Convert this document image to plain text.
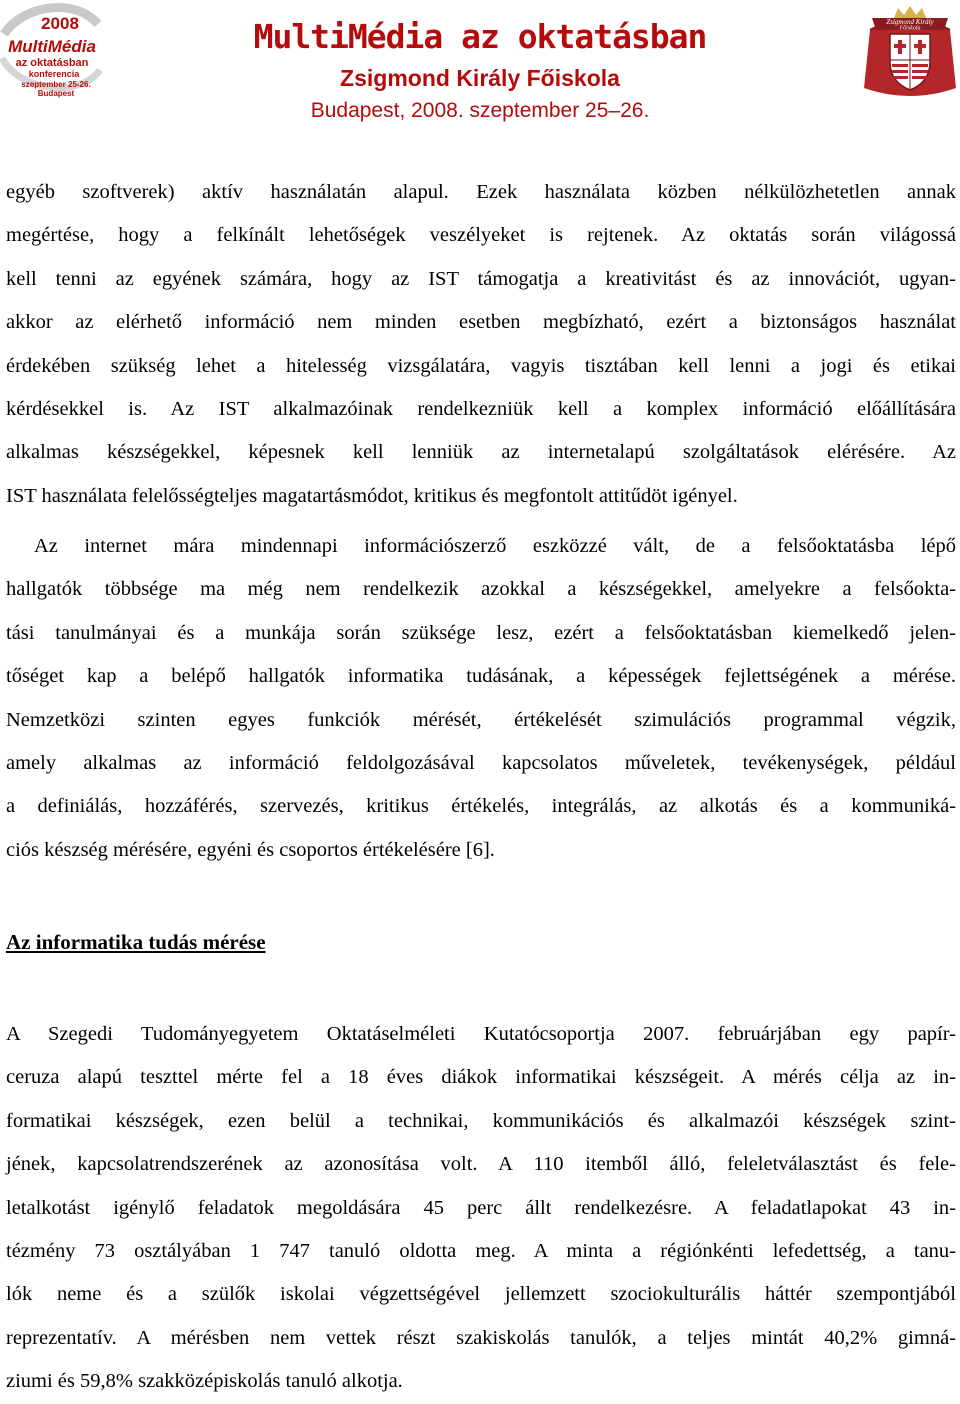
2008
MultiMédia
az oktatásban
konferencia
szeptember 25-26.
Budapest
MultiMédia az oktatásban
Zsigmond Király Főiskola
Budapest, 2008. szeptember 25–26.
Zsigmond Király
Főiskola
egyéb szoftverek) aktív használatán alapul. Ezek használata közben nélkülözhetetlen annak
megértése, hogy a felkínált lehetőségek veszélyeket is rejtenek. Az oktatás során világossá
kell tenni az egyének számára, hogy az IST támogatja a kreativitást és az innovációt, ugyan-
akkor az elérhető információ nem minden esetben megbízható, ezért a biztonságos használat
érdekében szükség lehet a hitelesség vizsgálatára, vagyis tisztában kell lenni a jogi és etikai
kérdésekkel is. Az IST alkalmazóinak rendelkezniük kell a komplex információ előállítására
alkalmas készségekkel, képesnek kell lenniük az internetalapú szolgáltatások elérésére. Az
IST használata felelősségteljes magatartásmódot, kritikus és megfontolt attitűdöt igényel.
Az internet mára mindennapi információszerző eszközzé vált, de a felsőoktatásba lépő
hallgatók többsége ma még nem rendelkezik azokkal a készségekkel, amelyekre a felsőokta-
tási tanulmányai és a munkája során szüksége lesz, ezért a felsőoktatásban kiemelkedő jelen-
tőséget kap a belépő hallgatók informatika tudásának, a képességek fejlettségének a mérése.
Nemzetközi szinten egyes funkciók mérését, értékelését szimulációs programmal végzik,
amely alkalmas az információ feldolgozásával kapcsolatos műveletek, tevékenységek, például
a definiálás, hozzáférés, szervezés, kritikus értékelés, integrálás, az alkotás és a kommuniká-
ciós készség mérésére, egyéni és csoportos értékelésére [6].
Az informatika tudás mérése
A Szegedi Tudományegyetem Oktatáselméleti Kutatócsoportja 2007. februárjában egy papír-
ceruza alapú teszttel mérte fel a 18 éves diákok informatikai készségeit. A mérés célja az in-
formatikai készségek, ezen belül a technikai, kommunikációs és alkalmazói készségek szint-
jének, kapcsolatrendszerének az azonosítása volt. A 110 itemből álló, feleletválasztást és fele-
letalkotást igénylő feladatok megoldására 45 perc állt rendelkezésre. A feladatlapokat 43 in-
tézmény 73 osztályában 1 747 tanuló oldotta meg. A minta a régiónkénti lefedettség, a tanu-
lók neme és a szülők iskolai végzettségével jellemzett szociokulturális háttér szempontjából
reprezentatív. A mérésben nem vettek részt szakiskolás tanulók, a teljes mintát 40,2% gimná-
ziumi és 59,8% szakközépiskolás tanuló alkotja.
